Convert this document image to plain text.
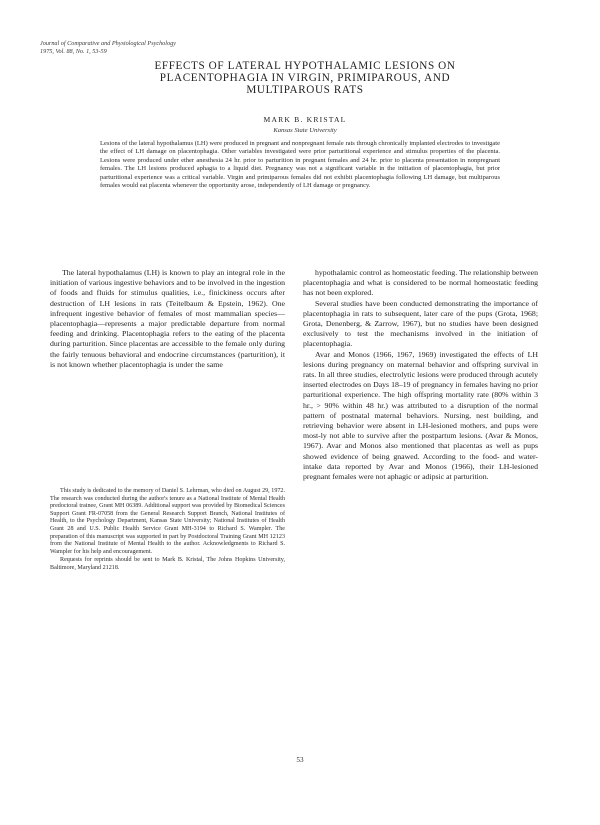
Journal of Comparative and Physiological Psychology
1975, Vol. 88, No. 1, 53-59
EFFECTS OF LATERAL HYPOTHALAMIC LESIONS ON
PLACENTOPHAGIA IN VIRGIN, PRIMIPAROUS, AND
MULTIPAROUS RATS
MARK B. KRISTAL
Kansas State University
Lesions of the lateral hypothalamus (LH) were produced in pregnant and nonpregnant female rats through chronically implanted electrodes to investigate the effect of LH damage on placentophagia. Other variables investigated were prior parturitional experience and stimulus properties of the placenta. Lesions were produced under ether anesthesia 24 hr. prior to parturition in pregnant females and 24 hr. prior to placenta presentation in nonpregnant females. The LH lesions produced aphagia to a liquid diet. Pregnancy was not a significant variable in the initiation of placentophagia, but prior parturitional experience was a critical variable. Virgin and primiparous females did not exhibit placentophagia following LH damage, but multiparous females would eat placenta whenever the opportunity arose, independently of LH damage or pregnancy.

The lateral hypothalamus (LH) is known to play an integral role in the initiation of various ingestive behaviors and to be involved in the ingestion of foods and fluids for stimulus qualities, i.e., finickiness occurs after destruction of LH lesions in rats (Teitelbaum & Epstein, 1962). One infrequent ingestive behavior of females of most mammalian species—placentophagia—represents a major predictable departure from normal feeding and drinking. Placentophagia refers to the eating of the placenta during parturition. Since placentas are accessible to the female only during the fairly tenuous behavioral and endocrine circumstances (parturition), it is not known whether placentophagia is under the same

This study is dedicated to the memory of Daniel S. Lehrman, who died on August 29, 1972. The research was conducted during the author's tenure as a National Institute of Mental Health predoctoral trainee, Grant MH 06389. Additional support was provided by Biomedical Sciences Support Grant FR-07058 from the General Research Support Branch, National Institutes of Health, to the Psychology Department, Kansas State University; National Institutes of Health Grant 28 and U.S. Public Health Service Grant MH-3194 to Richard S. Wampler. The preparation of this manuscript was supported in part by Postdoctoral Training Grant MH 12123 from the National Institute of Mental Health to the author. Acknowledgments to Richard S. Wampler for his help and encouragement.

Requests for reprints should be sent to Mark B. Kristal, The Johns Hopkins University, Baltimore, Maryland 21218.

hypothalamic control as homeostatic feeding. The relationship between placentophagia and what is considered to be normal homeostatic feeding has not been explored.

Several studies have been conducted demonstrating the importance of placentophagia in rats to subsequent, later care of the pups (Grota, 1968; Grota, Denenberg, & Zarrow, 1967), but no studies have been designed exclusively to test the mechanisms involved in the initiation of placentophagia.

Avar and Monos (1966, 1967, 1969) investigated the effects of LH lesions during pregnancy on maternal behavior and offspring survival in rats. In all three studies, electrolytic lesions were produced through acutely inserted electrodes on Days 18–19 of pregnancy in females having no prior parturitional experience. The high offspring mortality rate (80% within 3 hr., > 90% within 48 hr.) was attributed to a disruption of the normal pattern of postnatal maternal behaviors. Nursing, nest building, and retrieving behavior were absent in LH-lesioned mothers, and pups were most-ly not able to survive after the postpartum lesions. (Avar & Monos, 1967). Avar and Monos also mentioned that placentas as well as pups showed evidence of being gnawed. According to the food- and water-intake data reported by Avar and Monos (1966), their LH-lesioned pregnant females were not aphagic or adipsic at parturition.

53
